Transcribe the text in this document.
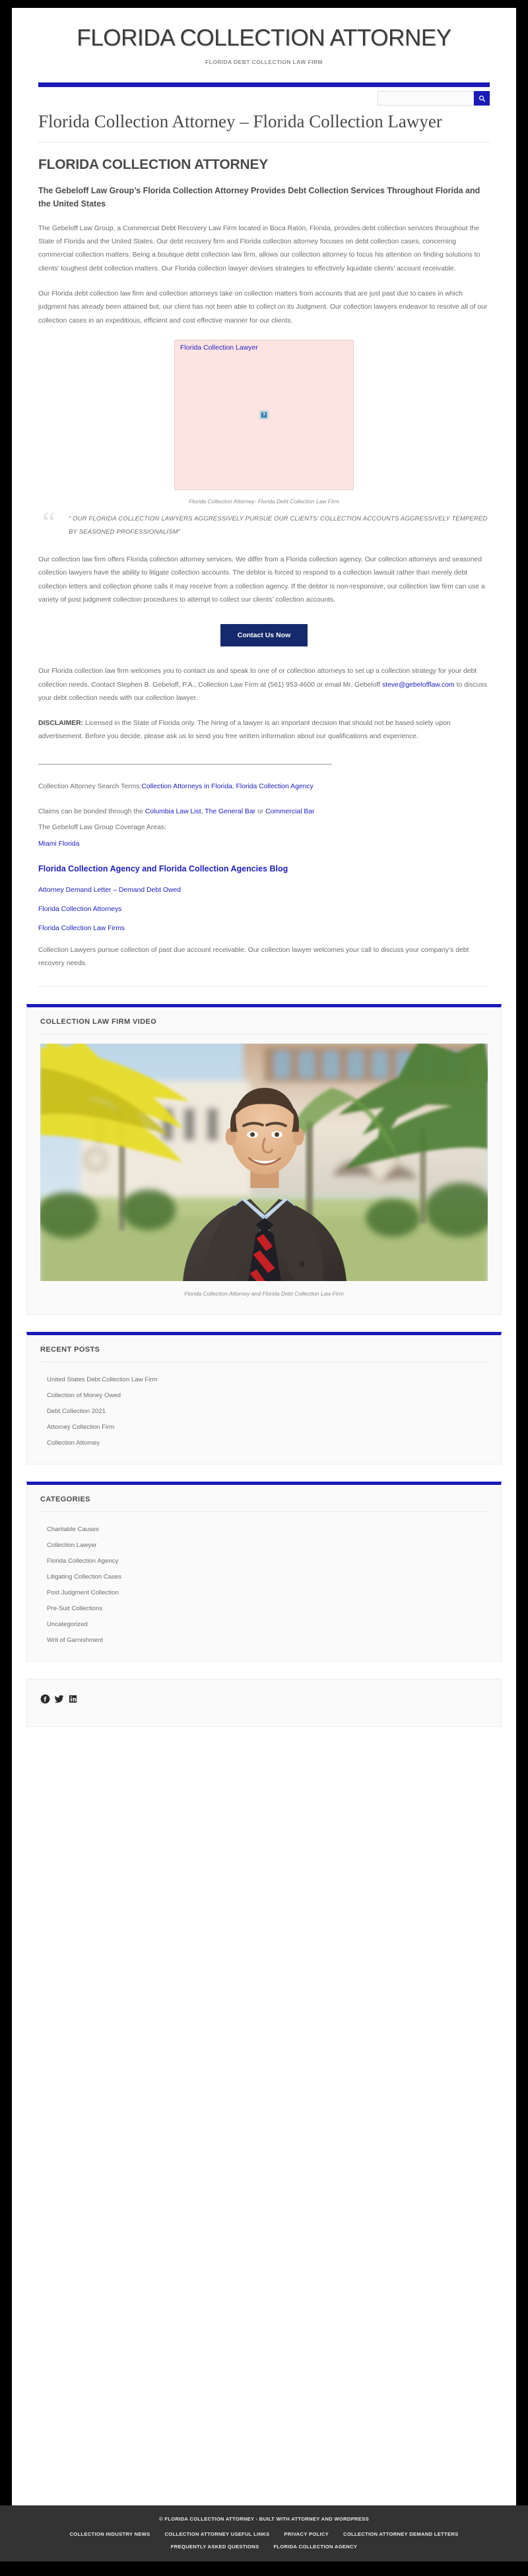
FLORIDA COLLECTION ATTORNEY
FLORIDA DEBT COLLECTION LAW FIRM
Florida Collection Attorney – Florida Collection Lawyer
FLORIDA COLLECTION ATTORNEY
The Gebeloff Law Group’s Florida Collection Attorney Provides Debt Collection Services Throughout Florida and the United States

The Gebeloff Law Group, a Commercial Debt Recovery Law Firm located in Boca Raton, Florida, provides debt collection services throughout the State of Florida and the United States. Our debt recovery firm and Florida collection attorney focuses on debt collection cases, concerning commercial collection matters. Being a boutique debt collection law firm, allows our collection attorney to focus his attention on finding solutions to clients’ toughest debt collection matters. Our Florida collection lawyer devises strategies to effectively liquidate clients’ account receivable.

Our Florida debt collection law firm and collection attorneys take on collection matters from accounts that are just past due to cases in which judgment has already been attained but, our client has not been able to collect on its Judgment. Our collection lawyers endeavor to resolve all of our collection cases in an expeditious, efficient and cost effective manner for our clients.

Florida Collection Lawyer
?
Florida Collection Attorney- Florida Debt Collection Law Firm
“ “ OUR FLORIDA COLLECTION LAWYERS AGGRESSIVELY PURSUE OUR CLIENTS’ COLLECTION ACCOUNTS AGGRESSIVELY TEMPERED BY SEASONED PROFESSIONALISM”

Our collection law firm offers Florida collection attorney services. We differ from a Florida collection agency. Our collection attorneys and seasoned collection lawyers have the ability to litigate collection accounts. The debtor is forced to respond to a collection lawsuit rather than merely debt collection letters and collection phone calls it may receive from a collection agency. If the debtor is non-responsive, our collection law firm can use a variety of post judgment collection procedures to attempt to collect our clients’ collection accounts.

Contact Us Now

Our Florida collection law firm welcomes you to contact us and speak to one of or collection attorneys to set up a collection strategy for your debt collection needs. Contact Stephen B. Gebeloff, P.A., Collection Law Firm at (561) 953-4600 or email Mr. Gebeloff steve@gebelofflaw.com to discuss your debt collection needs with our collection lawyer.

DISCLAIMER: Licensed in the State of Florida only. The hiring of a lawyer is an important decision that should not be based solely upon advertisement. Before you decide, please ask us to send you free written information about our qualifications and experience.

Collection Attorney Search Terms:Collection Attorneys in Florida, Florida Collection Agency
Claims can be bonded through the Columbia Law List, The General Bar or Commercial Bar
The Gebeloff Law Group Coverage Areas:
Miami Florida
Florida Collection Agency and Florida Collection Agencies Blog
Attorney Demand Letter – Demand Debt Owed
Florida Collection Attorneys
Florida Collection Law Firms

Collection Lawyers pursue collection of past due account receivable. Our collection lawyer welcomes your call to discuss your company’s debt recovery needs.

COLLECTION LAW FIRM VIDEO
Florida Collection Attorney and Florida Debt Collection Law Firm
RECENT POSTS
United States Debt Collection Law Firm
Collection of Money Owed
Debt Collection 2021
Attorney Collection Firm
Collection Attorney
CATEGORIES
Charitable Causes
Collection Lawyer
Florida Collection Agency
Litigating Collection Cases
Post Judgment Collection
Pre-Suit Collections
Uncategorized
Writ of Garnishment
© FLORIDA COLLECTION ATTORNEY - BUILT WITH ATTORNEY AND WORDPRESS
COLLECTION INDUSTRY NEWS	COLLECTION ATTORNEY USEFUL LINKS	PRIVACY POLICY	COLLECTION ATTORNEY DEMAND LETTERS
FREQUENTLY ASKED QUESTIONS	FLORIDA COLLECTION AGENCY
